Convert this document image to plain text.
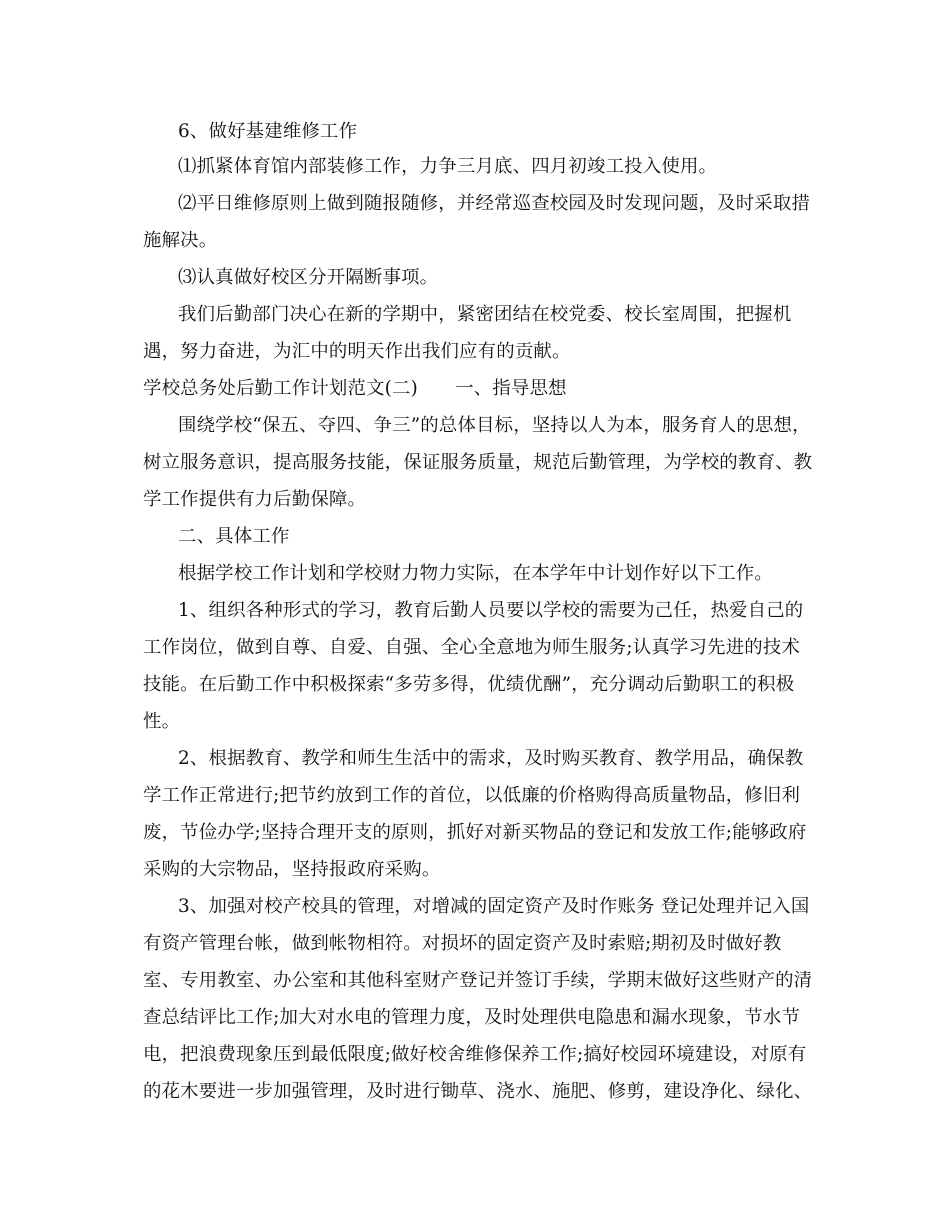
6、做好基建维修工作
⑴抓紧体育馆内部装修工作，力争三月底、四月初竣工投入使用。
⑵平日维修原则上做到随报随修，并经常巡查校园及时发现问题，及时采取措
施解决。
⑶认真做好校区分开隔断事项。
我们后勤部门决心在新的学期中，紧密团结在校党委、校长室周围，把握机
遇，努力奋进，为汇中的明天作出我们应有的贡献。
学校总务处后勤工作计划范文(二)　　一、指导思想
围绕学校“保五、夺四、争三”的总体目标，坚持以人为本，服务育人的思想，
树立服务意识，提高服务技能，保证服务质量，规范后勤管理，为学校的教育、教
学工作提供有力后勤保障。
二、具体工作
根据学校工作计划和学校财力物力实际，在本学年中计划作好以下工作。
1、组织各种形式的学习，教育后勤人员要以学校的需要为己任，热爱自己的
工作岗位，做到自尊、自爱、自强、全心全意地为师生服务;认真学习先进的技术
技能。在后勤工作中积极探索“多劳多得，优绩优酬”，充分调动后勤职工的积极
性。
2、根据教育、教学和师生生活中的需求，及时购买教育、教学用品，确保教
学工作正常进行;把节约放到工作的首位，以低廉的价格购得高质量物品，修旧利
废，节俭办学;坚持合理开支的原则，抓好对新买物品的登记和发放工作;能够政府
采购的大宗物品，坚持报政府采购。
3、加强对校产校具的管理，对增减的固定资产及时作账务 登记处理并记入国
有资产管理台帐，做到帐物相符。对损坏的固定资产及时索赔;期初及时做好教
室、专用教室、办公室和其他科室财产登记并签订手续，学期末做好这些财产的清
查总结评比工作;加大对水电的管理力度，及时处理供电隐患和漏水现象，节水节
电，把浪费现象压到最低限度;做好校舍维修保养工作;搞好校园环境建设，对原有
的花木要进一步加强管理，及时进行锄草、浇水、施肥、修剪，建设净化、绿化、
